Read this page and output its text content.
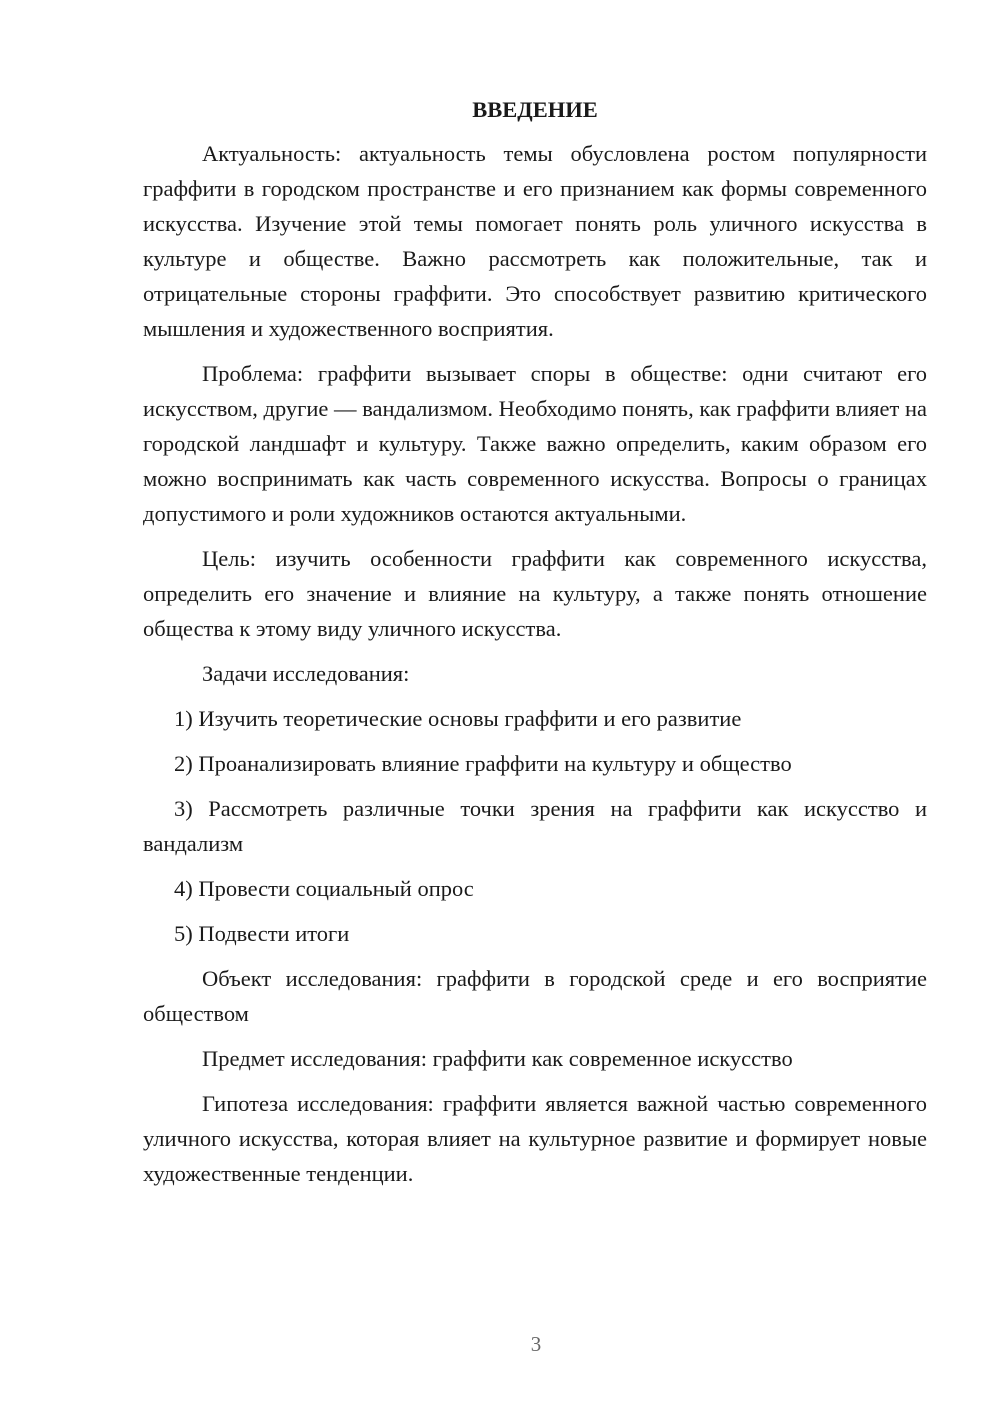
ВВЕДЕНИЕ

Актуальность: актуальность темы обусловлена ростом популярности граффити в городском пространстве и его признанием как формы современного искусства. Изучение этой темы помогает понять роль уличного искусства в культуре и обществе. Важно рассмотреть как положительные, так и отрицательные стороны граффити. Это способствует развитию критического мышления и художественного восприятия.

Проблема: граффити вызывает споры в обществе: одни считают его искусством, другие — вандализмом. Необходимо понять, как граффити влияет на городской ландшафт и культуру. Также важно определить, каким образом его можно воспринимать как часть современного искусства. Вопросы о границах допустимого и роли художников остаются актуальными.

Цель: изучить особенности граффити как современного искусства, определить его значение и влияние на культуру, а также понять отношение общества к этому виду уличного искусства.

Задачи исследования:

1) Изучить теоретические основы граффити и его развитие

2) Проанализировать влияние граффити на культуру и общество

3) Рассмотреть различные точки зрения на граффити как искусство и вандализм

4) Провести социальный опрос

5) Подвести итоги

Объект исследования: граффити в городской среде и его восприятие обществом

Предмет исследования: граффити как современное искусство

Гипотеза исследования: граффити является важной частью современного уличного искусства, которая влияет на культурное развитие и формирует новые художественные тенденции.

3
